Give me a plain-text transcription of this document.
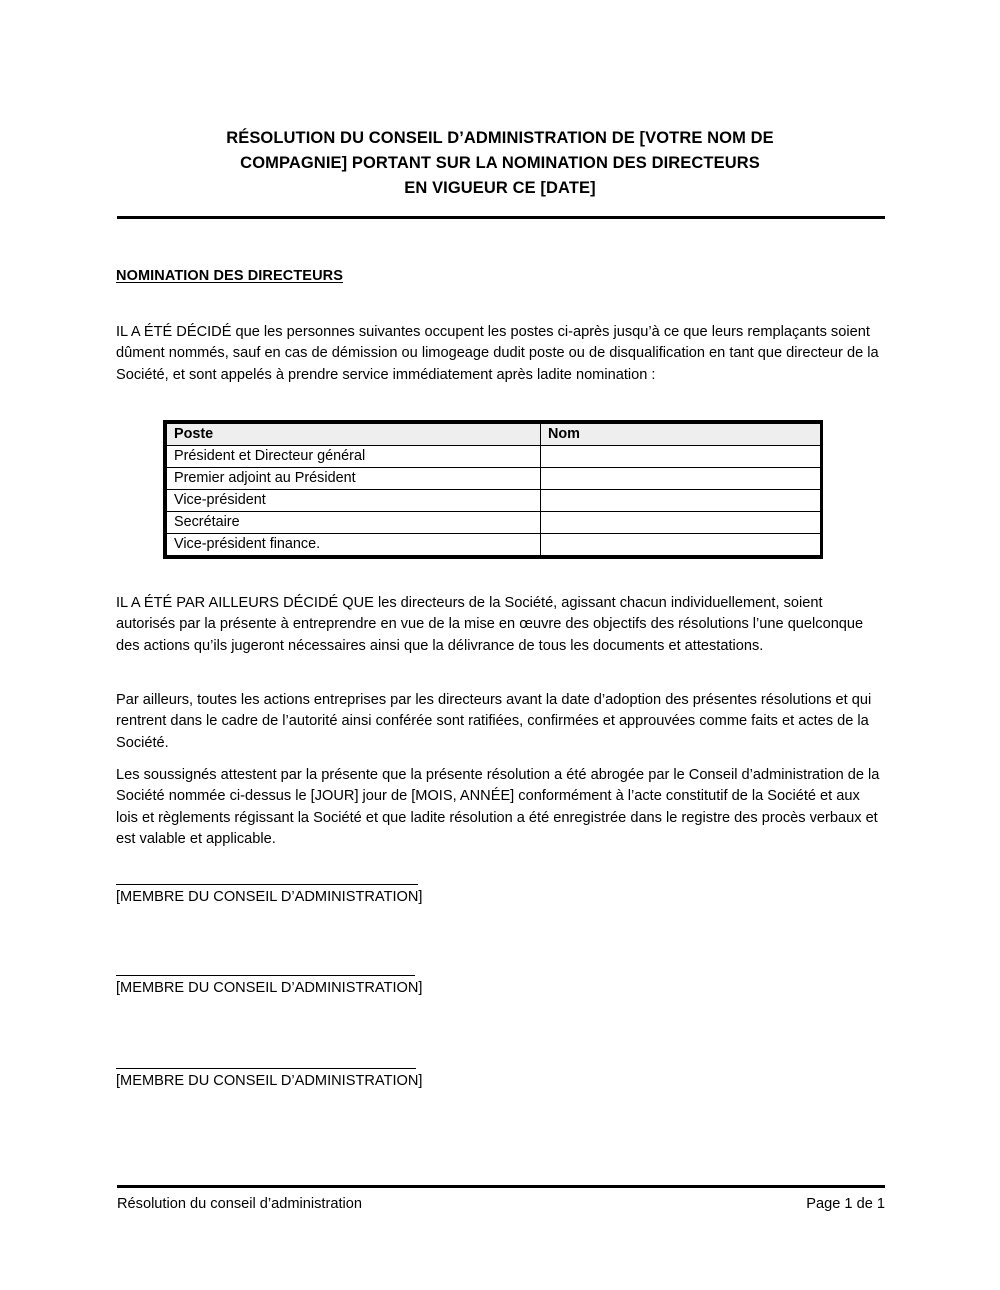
RÉSOLUTION DU CONSEIL D’ADMINISTRATION DE [VOTRE NOM DE
COMPAGNIE] PORTANT SUR LA NOMINATION DES DIRECTEURS
EN VIGUEUR CE [DATE]
NOMINATION DES DIRECTEURS

IL A ÉTÉ DÉCIDÉ que les personnes suivantes occupent les postes ci-après jusqu’à ce que leurs remplaçants soient dûment nommés, sauf en cas de démission ou limogeage dudit poste ou de disqualification en tant que directeur de la Société, et sont appelés à prendre service immédiatement après ladite nomination :

Poste	Nom
Président et Directeur général	
Premier adjoint au Président	
Vice-président	
Secrétaire	
Vice-président finance.	

IL A ÉTÉ PAR AILLEURS DÉCIDÉ QUE les directeurs de la Société, agissant chacun individuellement, soient autorisés par la présente à entreprendre en vue de la mise en œuvre des objectifs des résolutions l’une quelconque des actions qu’ils jugeront nécessaires ainsi que la délivrance de tous les documents et attestations.

Par ailleurs, toutes les actions entreprises par les directeurs avant la date d’adoption des présentes résolutions et qui rentrent dans le cadre de l’autorité ainsi conférée sont ratifiées, confirmées et approuvées comme faits et actes de la Société.

Les soussignés attestent par la présente que la présente résolution a été abrogée par le Conseil d’administration de la Société nommée ci-dessus le [JOUR] jour de [MOIS, ANNÉE] conformément à l’acte constitutif de la Société et aux lois et règlements régissant la Société et que ladite résolution a été enregistrée dans le registre des procès verbaux et est valable et applicable.

[MEMBRE DU CONSEIL D’ADMINISTRATION]
[MEMBRE DU CONSEIL D’ADMINISTRATION]
[MEMBRE DU CONSEIL D’ADMINISTRATION]
Résolution du conseil d’administration	Page 1 de 1
